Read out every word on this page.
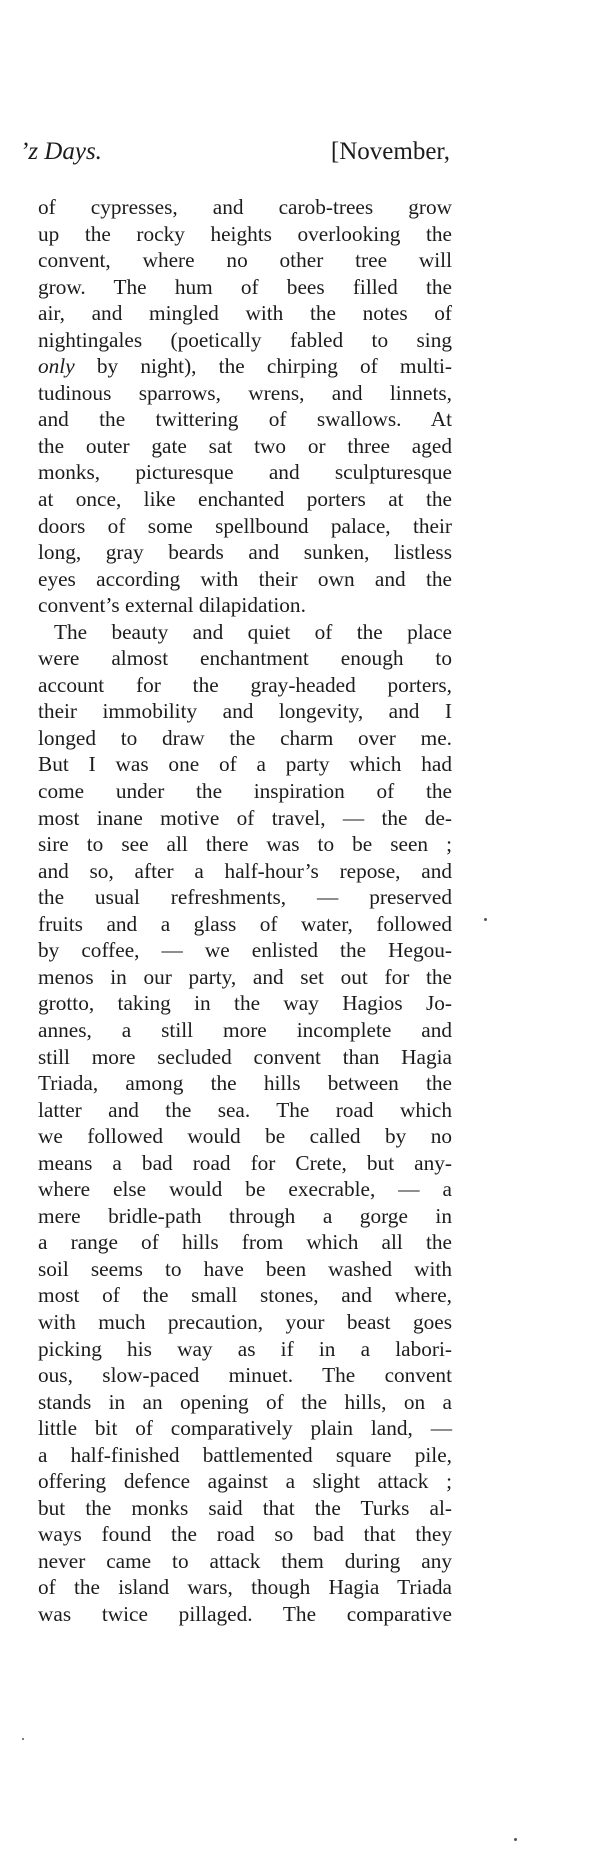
’z Days.	[November,
of cypresses, and carob-trees grow
up the rocky heights overlooking the
convent, where no other tree will
grow. The hum of bees filled the
air, and mingled with the notes of
nightingales (poetically fabled to sing
only by night), the chirping of multi-
tudinous sparrows, wrens, and linnets,
and the twittering of swallows. At
the outer gate sat two or three aged
monks, picturesque and sculpturesque
at once, like enchanted porters at the
doors of some spellbound palace, their
long, gray beards and sunken, listless
eyes according with their own and the
convent’s external dilapidation.
The beauty and quiet of the place
were almost enchantment enough to
account for the gray-headed porters,
their immobility and longevity, and I
longed to draw the charm over me.
But I was one of a party which had
come under the inspiration of the
most inane motive of travel, — the de-
sire to see all there was to be seen ;
and so, after a half-hour’s repose, and
the usual refreshments, — preserved
fruits and a glass of water, followed
by coffee, — we enlisted the Hegou-
menos in our party, and set out for the
grotto, taking in the way Hagios Jo-
annes, a still more incomplete and
still more secluded convent than Hagia
Triada, among the hills between the
latter and the sea. The road which
we followed would be called by no
means a bad road for Crete, but any-
where else would be execrable, — a
mere bridle-path through a gorge in
a range of hills from which all the
soil seems to have been washed with
most of the small stones, and where,
with much precaution, your beast goes
picking his way as if in a labori-
ous, slow-paced minuet. The convent
stands in an opening of the hills, on a
little bit of comparatively plain land, —
a half-finished battlemented square pile,
offering defence against a slight attack ;
but the monks said that the Turks al-
ways found the road so bad that they
never came to attack them during any
of the island wars, though Hagia Triada
was twice pillaged. The comparative
